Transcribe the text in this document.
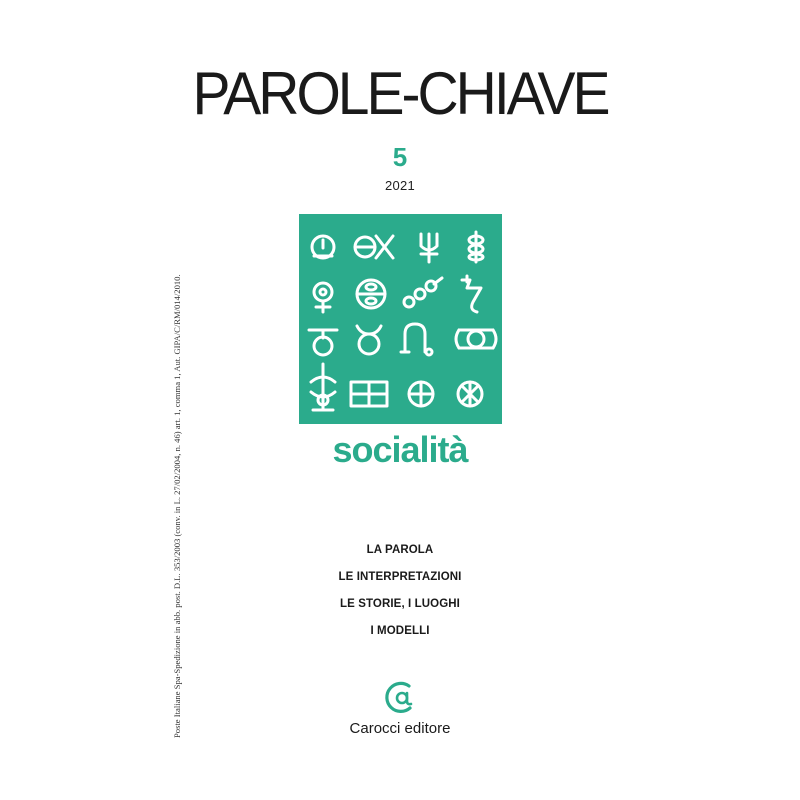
PAROLE-CHIAVE
5
2021
socialità
Poste Italiane Spa-Spedizione in abb. post. D.L. 353/2003 (conv. in L. 27/02/2004, n. 46) art. 1, comma 1, Aut. GIPA/C/RM/014/2010.	LA PAROLA
LE INTERPRETAZIONI
LE STORIE, I LUOGHI
I MODELLI
Carocci editore
